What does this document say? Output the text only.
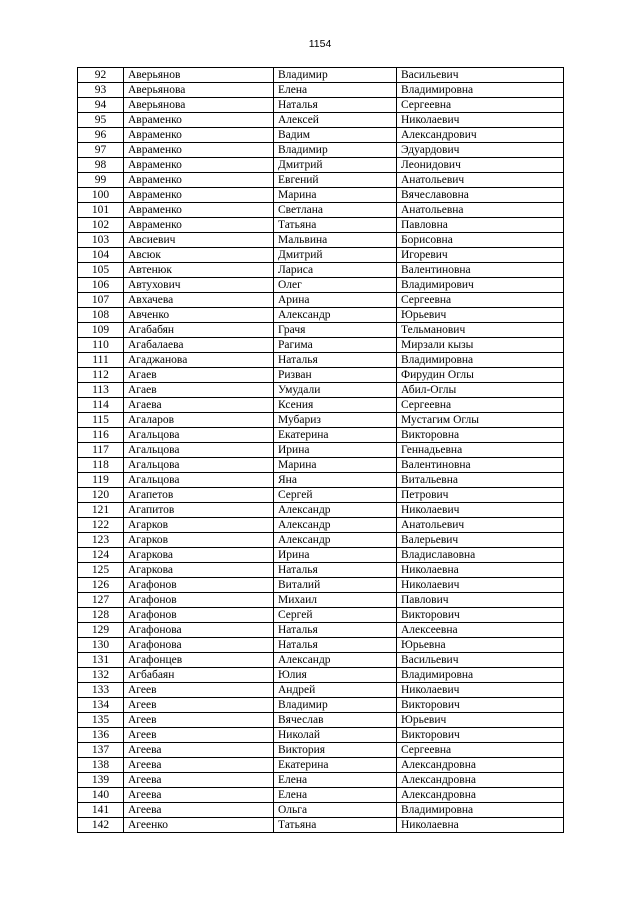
1154
92	Аверьянов	Владимир	Васильевич
93	Аверьянова	Елена	Владимировна
94	Аверьянова	Наталья	Сергеевна
95	Авраменко	Алексей	Николаевич
96	Авраменко	Вадим	Александрович
97	Авраменко	Владимир	Эдуардович
98	Авраменко	Дмитрий	Леонидович
99	Авраменко	Евгений	Анатольевич
100	Авраменко	Марина	Вячеславовна
101	Авраменко	Светлана	Анатольевна
102	Авраменко	Татьяна	Павловна
103	Авсиевич	Мальвина	Борисовна
104	Авсюк	Дмитрий	Игоревич
105	Автенюк	Лариса	Валентиновна
106	Автухович	Олег	Владимирович
107	Авхачева	Арина	Сергеевна
108	Авченко	Александр	Юрьевич
109	Агабабян	Грачя	Тельманович
110	Агабалаева	Рагима	Мирзали кызы
111	Агаджанова	Наталья	Владимировна
112	Агаев	Ризван	Фирудин Оглы
113	Агаев	Умудали	Абил-Оглы
114	Агаева	Ксения	Сергеевна
115	Агаларов	Мубариз	Мустагим Оглы
116	Агальцова	Екатерина	Викторовна
117	Агальцова	Ирина	Геннадьевна
118	Агальцова	Марина	Валентиновна
119	Агальцова	Яна	Витальевна
120	Агапетов	Сергей	Петрович
121	Агапитов	Александр	Николаевич
122	Агарков	Александр	Анатольевич
123	Агарков	Александр	Валерьевич
124	Агаркова	Ирина	Владиславовна
125	Агаркова	Наталья	Николаевна
126	Агафонов	Виталий	Николаевич
127	Агафонов	Михаил	Павлович
128	Агафонов	Сергей	Викторович
129	Агафонова	Наталья	Алексеевна
130	Агафонова	Наталья	Юрьевна
131	Агафонцев	Александр	Васильевич
132	Агбабаян	Юлия	Владимировна
133	Агеев	Андрей	Николаевич
134	Агеев	Владимир	Викторович
135	Агеев	Вячеслав	Юрьевич
136	Агеев	Николай	Викторович
137	Агеева	Виктория	Сергеевна
138	Агеева	Екатерина	Александровна
139	Агеева	Елена	Александровна
140	Агеева	Елена	Александровна
141	Агеева	Ольга	Владимировна
142	Агеенко	Татьяна	Николаевна
